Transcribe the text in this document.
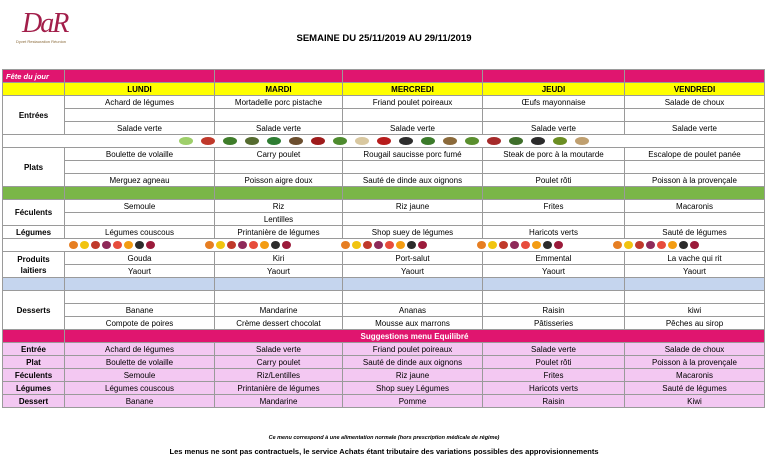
DaR
Dyvet Restauration Réunion	SEMAINE DU 25/11/2019 AU 29/11/2019
Fête du jour					
	LUNDI	MARDI	MERCREDI	JEUDI	VENDREDI
Entrées	Achard de légumes	Mortadelle porc pistache	Friand poulet poireaux	Œufs mayonnaise	Salade de choux

	Salade verte	Salade verte	Salade verte	Salade verte	Salade verte

Plats	Boulette de volaille	Carry poulet	Rougail saucisse porc fumé	Steak de porc à la moutarde	Escalope de poulet panée

	Merguez agneau	Poisson aigre doux	Sauté de dinde aux oignons	Poulet rôti	Poisson à la provençale

Féculents	Semoule	Riz	Riz jaune	Frites	Macaronis
		Lentilles			
Légumes	Légumes couscous	Printanière de légumes	Shop suey de légumes	Haricots verts	Sauté de légumes

Produits
laitiers	Gouda	Kiri	Port-salut	Emmental	La vache qui rit
	Yaourt	Yaourt	Yaourt	Yaourt	Yaourt

Desserts					
	Banane	Mandarine	Ananas	Raisin	kiwi
	Compote de poires	Crème dessert chocolat	Mousse aux marrons	Pâtisseries	Pêches au sirop
	Suggestions menu Equilibré				
Entrée	Achard de légumes	Salade verte	Friand poulet poireaux	Salade verte	Salade de choux
Plat	Boulette de volaille	Carry poulet	Sauté de dinde aux oignons	Poulet rôti	Poisson à la provençale
Féculents	Semoule	Riz/Lentilles	Riz jaune	Frites	Macaronis
Légumes	Légumes couscous	Printanière de légumes	Shop suey Légumes	Haricots verts	Sauté de légumes
Dessert	Banane	Mandarine	Pomme	Raisin	Kiwi
Ce menu correspond à une alimentation normale (hors prescription médicale de régime)
Les menus ne sont pas contractuels, le service Achats étant tributaire des variations possibles des approvisionnements
